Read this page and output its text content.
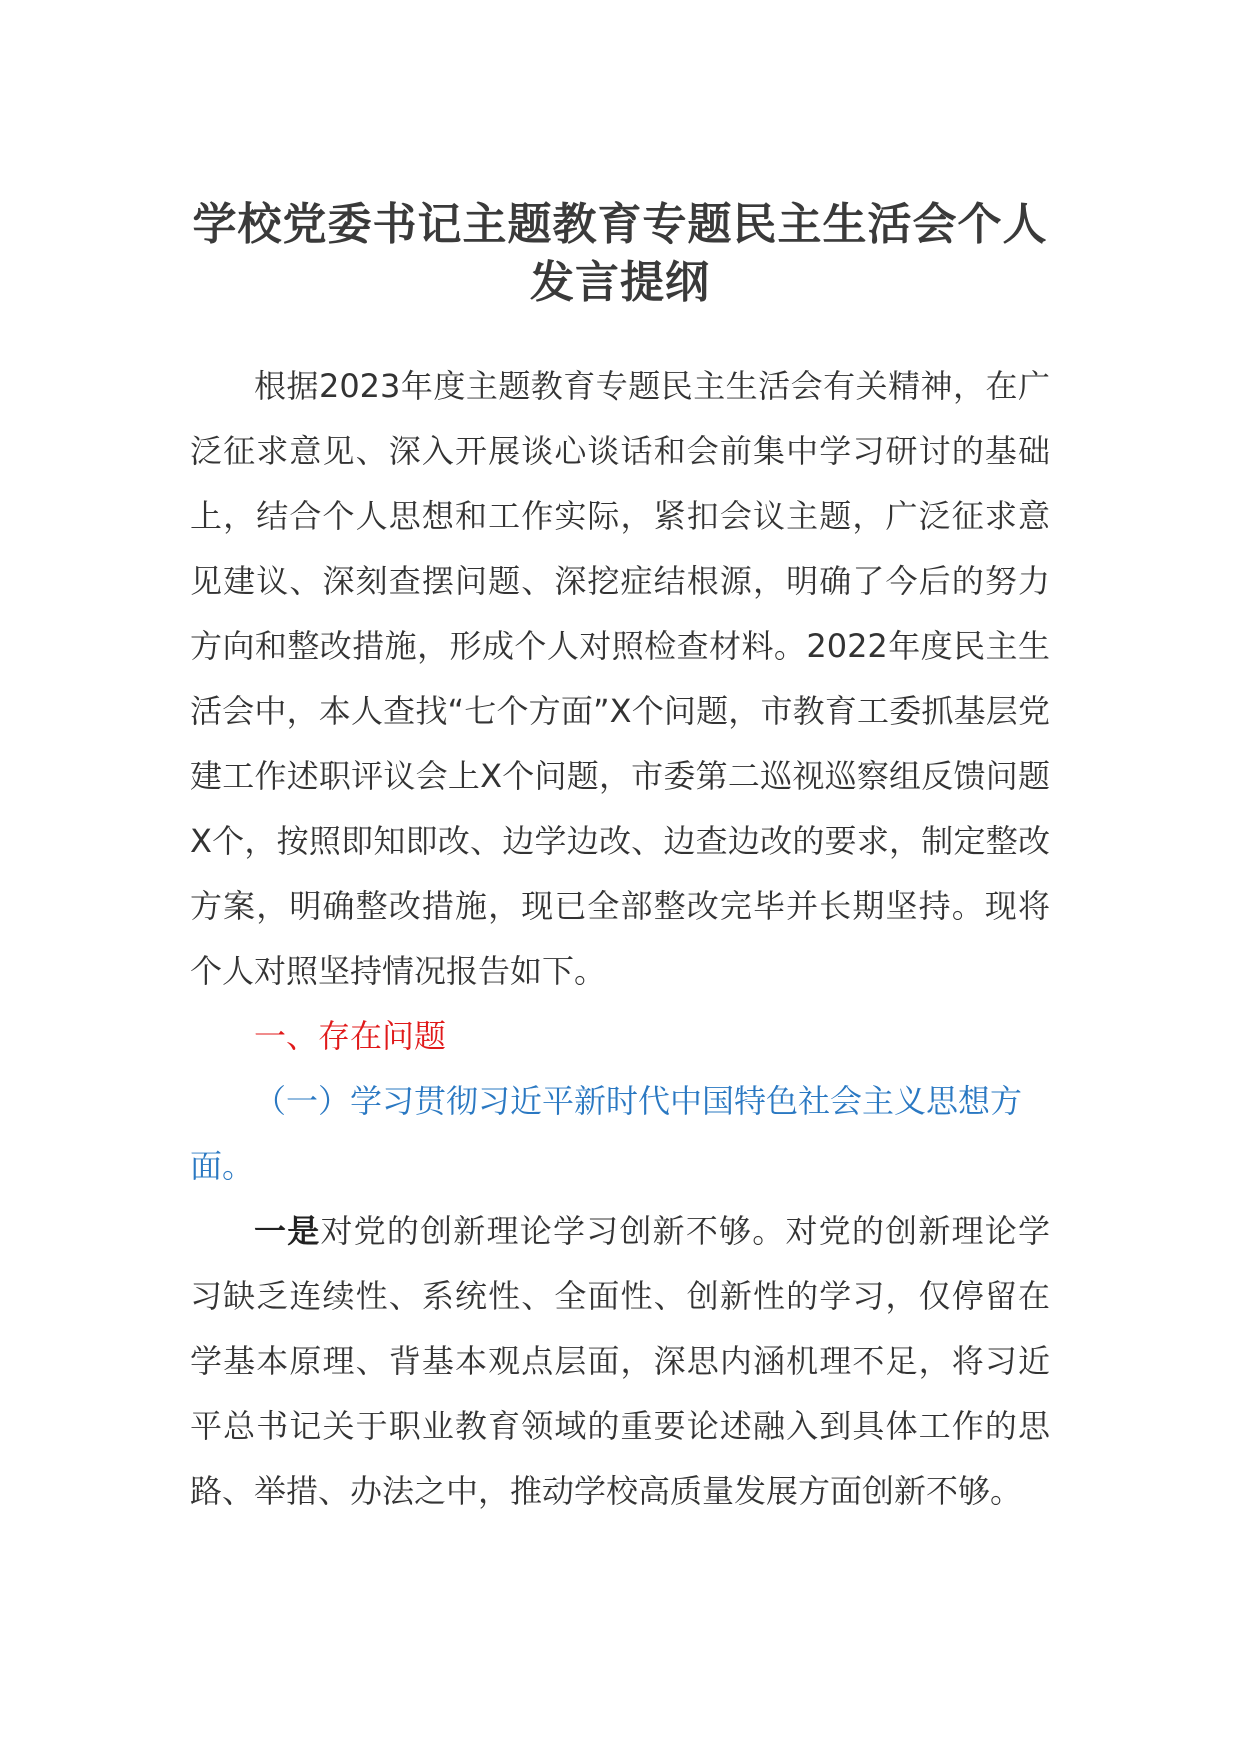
学校党委书记主题教育专题民主生活会个人
发言提纲

根据2023年度主题教育专题民主生活会有关精神，在广泛征求意见、深入开展谈心谈话和会前集中学习研讨的基础上，结合个人思想和工作实际，紧扣会议主题，广泛征求意见建议、深刻查摆问题、深挖症结根源，明确了今后的努力方向和整改措施，形成个人对照检查材料。2022年度民主生活会中，本人查找“七个方面”X个问题，市教育工委抓基层党建工作述职评议会上X个问题，市委第二巡视巡察组反馈问题X个，按照即知即改、边学边改、边查边改的要求，制定整改方案，明确整改措施，现已全部整改完毕并长期坚持。现将个人对照坚持情况报告如下。

一、存在问题

（一）学习贯彻习近平新时代中国特色社会主义思想方面。

一是对党的创新理论学习创新不够。对党的创新理论学习缺乏连续性、系统性、全面性、创新性的学习，仅停留在学基本原理、背基本观点层面，深思内涵机理不足，将习近平总书记关于职业教育领域的重要论述融入到具体工作的思路、举措、办法之中，推动学校高质量发展方面创新不够。
